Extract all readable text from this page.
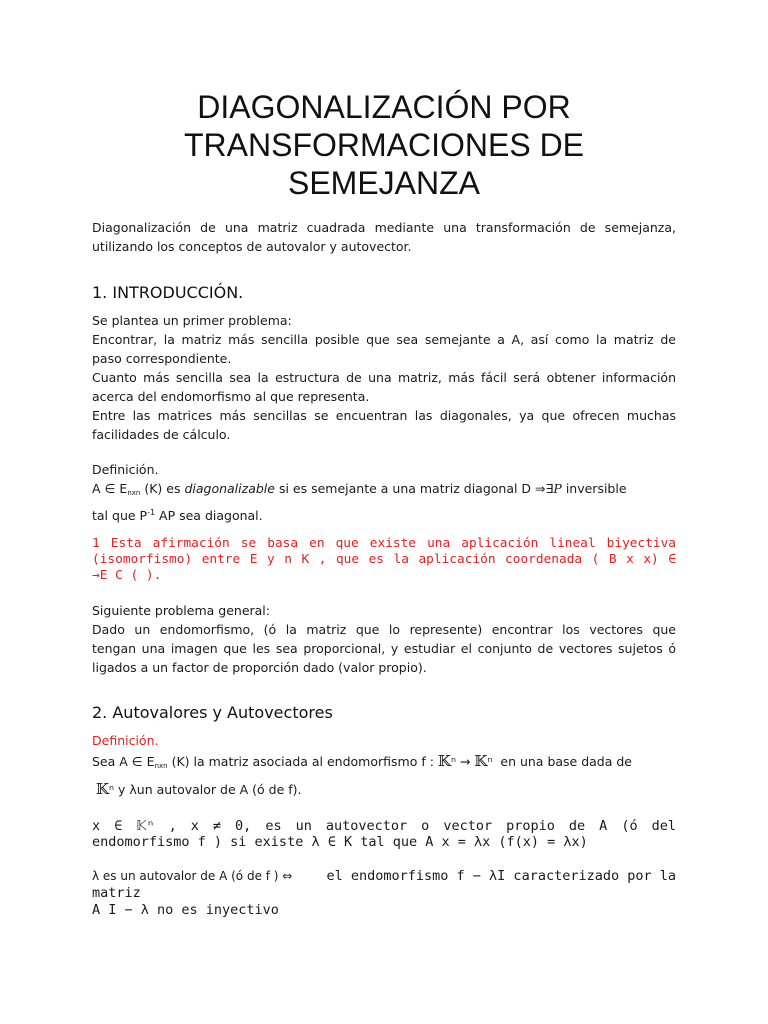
DIAGONALIZACIÓN POR
TRANSFORMACIONES DE
SEMEJANZA
Diagonalización de una matriz cuadrada mediante una transformación de semejanza,
utilizando los conceptos de autovalor y autovector.
1. INTRODUCCIÓN.
Se plantea un primer problema:
Encontrar, la matriz más sencilla posible que sea semejante a A, así como la matriz de
paso correspondiente.
Cuanto más sencilla sea la estructura de una matriz, más fácil será obtener información
acerca del endomorfismo al que representa.
Entre las matrices más sencillas se encuentran las diagonales, ya que ofrecen muchas
facilidades de cálculo.
Definición.
A ∈ $E_{nxn}$ (K) es diagonalizable si es semejante a una matriz diagonal D ⇒∃P inversible
tal que $P^{-1}$ AP sea diagonal.
1 Esta afirmación se basa en que existe una aplicación lineal biyectiva
(isomorfismo) entre E y n K , que es la aplicación coordenada ( B x x) ∈
→E C ( ).
Siguiente problema general:
Dado un endomorfismo, (ó la matriz que lo represente) encontrar los vectores que
tengan una imagen que les sea proporcional, y estudiar el conjunto de vectores sujetos ó
ligados a un factor de proporción dado (valor propio).
2. Autovalores y Autovectores
Definición.
Sea A ∈ $E_{nxn}$ (K) la matriz asociada al endomorfismo f : 𝕂ⁿ → 𝕂ⁿ en una base dada de
𝕂ⁿ y λun autovalor de A (ó de f).
x ∈ 𝕂ⁿ , x ≠ 0, es un autovector o vector propio de A (ó del
endomorfismo f ) si existe λ ∈ K tal que A x = λx (f(x) = λx)
λ es un autovalor de A (ó de f ) ⇔	el endomorfismo f − λI caracterizado por la
matriz
A I − λ no es inyectivo
